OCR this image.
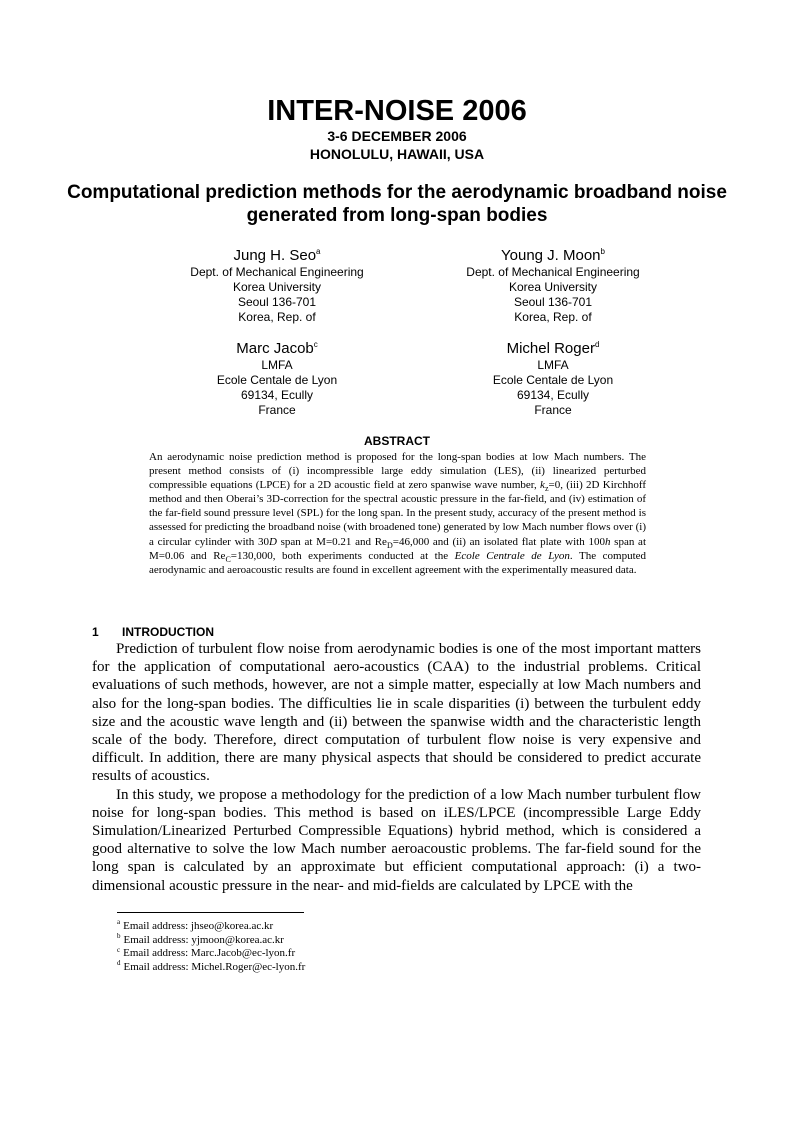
INTER-NOISE 2006
3-6 DECEMBER 2006
HONOLULU, HAWAII, USA
Computational prediction methods for the aerodynamic broadband noise generated from long-span bodies
Jung H. Seo$^a$
Dept. of Mechanical Engineering
Korea University
Seoul 136-701
Korea, Rep. of
Young J. Moon$^b$
Dept. of Mechanical Engineering
Korea University
Seoul 136-701
Korea, Rep. of
Marc Jacob$^c$
LMFA
Ecole Centale de Lyon
69134, Ecully
France
Michel Roger$^d$
LMFA
Ecole Centale de Lyon
69134, Ecully
France
ABSTRACT

An aerodynamic noise prediction method is proposed for the long-span bodies at low Mach numbers. The present method consists of (i) incompressible large eddy simulation (LES), (ii) linearized perturbed compressible equations (LPCE) for a 2D acoustic field at zero spanwise wave number, $k_z=0$, (iii) 2D Kirchhoff method and then Oberai’s 3D-correction for the spectral acoustic pressure in the far-field, and (iv) estimation of the far-field sound pressure level (SPL) for the long span. In the present study, accuracy of the present method is assessed for predicting the broadband noise (with broadened tone) generated by low Mach number flows over (i) a circular cylinder with 30D span at M=0.21 and $Re_D=46,000$ and (ii) an isolated flat plate with 100h span at M=0.06 and $Re_C=130,000$, both experiments conducted at the Ecole Centrale de Lyon. The computed aerodynamic and aeroacoustic results are found in excellent agreement with the experimentally measured data.

1 INTRODUCTION

Prediction of turbulent flow noise from aerodynamic bodies is one of the most important matters for the application of computational aero-acoustics (CAA) to the industrial problems. Critical evaluations of such methods, however, are not a simple matter, especially at low Mach numbers and also for the long-span bodies. The difficulties lie in scale disparities (i) between the turbulent eddy size and the acoustic wave length and (ii) between the spanwise width and the characteristic length scale of the body. Therefore, direct computation of turbulent flow noise is very expensive and difficult. In addition, there are many physical aspects that should be considered to predict accurate results of acoustics.

In this study, we propose a methodology for the prediction of a low Mach number turbulent flow noise for long-span bodies. This method is based on iLES/LPCE (incompressible Large Eddy Simulation/Linearized Perturbed Compressible Equations) hybrid method, which is considered a good alternative to solve the low Mach number aeroacoustic problems. The far-field sound for the long span is calculated by an approximate but efficient computational approach: (i) a two-dimensional acoustic pressure in the near- and mid-fields are calculated by LPCE with the

$^a$ Email address: jhseo@korea.ac.kr
$^b$ Email address: yjmoon@korea.ac.kr
$^c$ Email address: Marc.Jacob@ec-lyon.fr
$^d$ Email address: Michel.Roger@ec-lyon.fr
